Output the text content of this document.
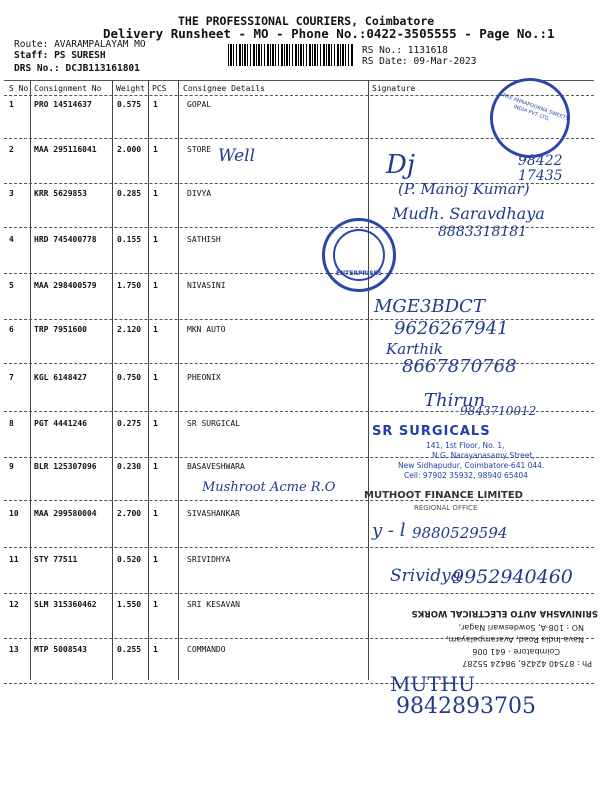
THE PROFESSIONAL COURIERS, Coimbatore
Delivery Runsheet - MO - Phone No.:0422-3505555 - Page No.:1
Route: AVARAMPALAYAM MO
Staff: PS SURESH
DRS No.: DCJB113161801
RS No.: 1131618
RS Date: 09-Mar-2023
S No Consignment No Weight PCS Consignee Details	Signature
1	PRO 14514637	0.575 1	GOPAL
2	MAA 295116041	2.000 1	STORE
3	KRR 5629853	0.285 1	DIVYA
4	HRD 745400778	0.155 1	SATHISH
5	MAA 298400579	1.750 1	NIVASINI
6	TRP 7951600	2.120 1	MKN AUTO
7	KGL 6148427	0.750 1	PHEONIX
8	PGT 4441246	0.275 1	SR SURGICAL
9	BLR 125307096	0.230 1	BASAVESHWARA
10 MAA 299580004	2.700 1	SIVASHANKAR
11 STY 77511	0.520 1	SRIVIDHYA
12 SLM 315360462	1.550 1	SRI KESAVAN
13 MTP 5008543	0.255 1	COMMANDO
Well	Dj	98422 17435
(P. Manoj Kumar)
Mudh. Saravdhaya
8883318181
MGE3BDCT
9626267941
Karthik
8667870768
Thirun
9843710012
Mushroot Acme R.O
y - l 9880529594
Srividya
9952940460
MUTHU
9842893705
SREE ANNAPOORNA SWEETS INDIA PVT. LTD.
ENTERPRISES
SR SURGICALS
141, 1st Floor, No. 1,
N.G. Narayanasamy Street,
New Sidhapudur, Coimbatore-641 044.
Cell: 97902 35932, 98940 65404
MUTHOOT FINANCE LIMITED
REGIONAL OFFICE
Ph : 87540 42426, 98424 55287
Coimbatore - 641 006
Nava India Road, Avarampalayam,
NO : 108-A, Sowdeswari Nagar,
SRINIVASHA AUTO ELECTRICAL WORKS
